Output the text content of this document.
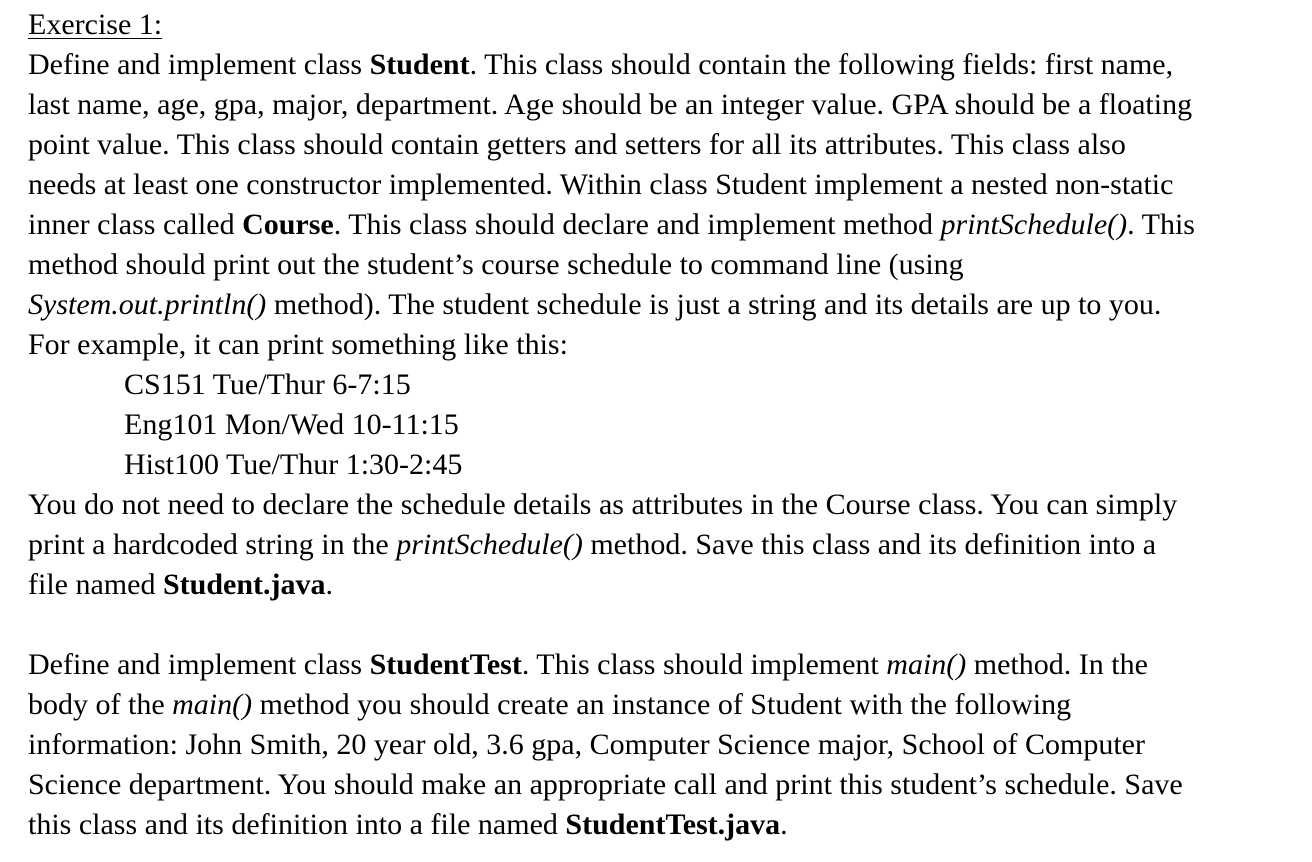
Exercise 1:
Define and implement class Student. This class should contain the following fields: first name,
last name, age, gpa, major, department. Age should be an integer value. GPA should be a floating
point value. This class should contain getters and setters for all its attributes. This class also
needs at least one constructor implemented. Within class Student implement a nested non-static
inner class called Course. This class should declare and implement method printSchedule(). This
method should print out the student’s course schedule to command line (using
System.out.println() method). The student schedule is just a string and its details are up to you.
For example, it can print something like this:
CS151 Tue/Thur 6-7:15
Eng101 Mon/Wed 10-11:15
Hist100 Tue/Thur 1:30-2:45
You do not need to declare the schedule details as attributes in the Course class. You can simply
print a hardcoded string in the printSchedule() method. Save this class and its definition into a
file named Student.java.
Define and implement class StudentTest. This class should implement main() method. In the
body of the main() method you should create an instance of Student with the following
information: John Smith, 20 year old, 3.6 gpa, Computer Science major, School of Computer
Science department. You should make an appropriate call and print this student’s schedule. Save
this class and its definition into a file named StudentTest.java.
